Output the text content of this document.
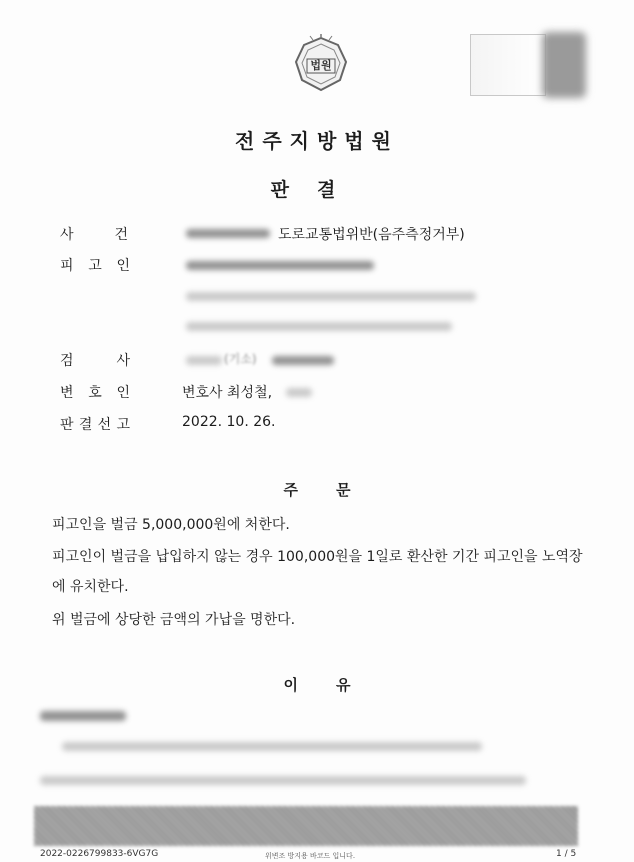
법원
전주지방법원
판결
사	건	도로교통법위반(음주측정거부)
피 고 인
검	사	(기소)
변 호 인	변호사 최성철,
판 결 선 고	2022. 10. 26.
주문
피고인을 벌금 5,000,000원에 처한다.
피고인이 벌금을 납입하지 않는 경우 100,000원을 1일로 환산한 기간 피고인을 노역장
에 유치한다.
위 벌금에 상당한 금액의 가납을 명한다.
이유
2022-0226799833-6VG7G	위변조 방지용 바코드 입니다.	1 / 5
